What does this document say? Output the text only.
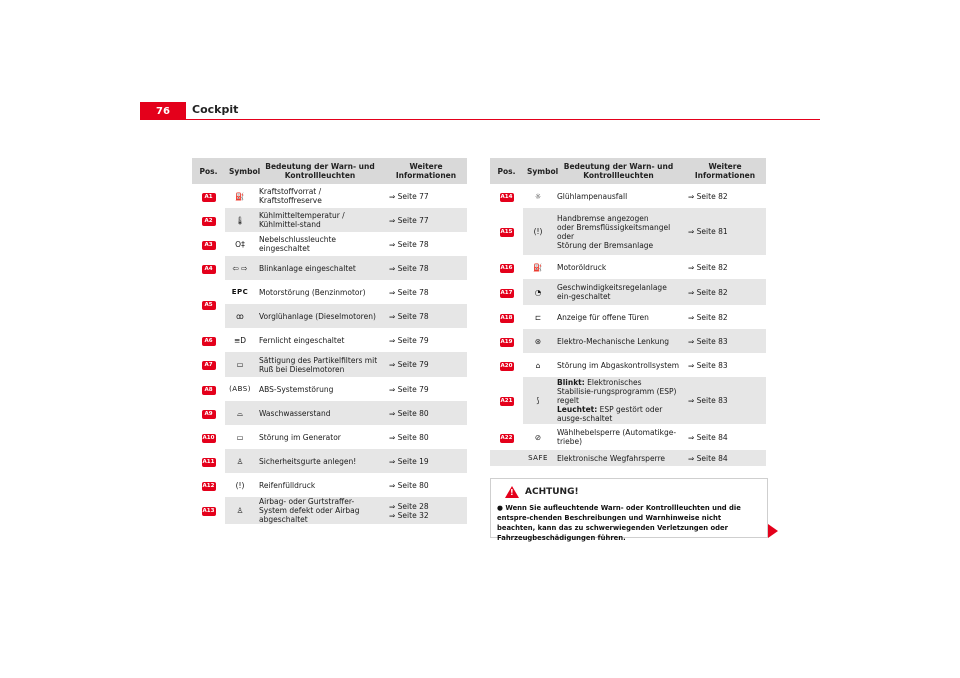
76	Cockpit
Pos.	Symbol	Bedeutung der Warn- und Kontrollleuchten	Weitere Informationen
A1	⛽	Kraftstoffvorrat / Kraftstoffreserve	⇒ Seite 77
A2	🌡	Kühlmitteltemperatur / Kühlmittel-stand	⇒ Seite 77
A3	O‡	Nebelschlussleuchte eingeschaltet	⇒ Seite 78
A4	⇦ ⇨	Blinkanlage eingeschaltet	⇒ Seite 78
A5	EPC	Motorstörung (Benzinmotor)	⇒ Seite 78
	ꝏ	Vorglühanlage (Dieselmotoren)	⇒ Seite 78
A6	≡D	Fernlicht eingeschaltet	⇒ Seite 79
A7	▭	Sättigung des Partikelfilters mit Ruß bei Dieselmotoren	⇒ Seite 79
A8	(ABS)	ABS-Systemstörung	⇒ Seite 79
A9	⌓	Waschwasserstand	⇒ Seite 80
A10	▭	Störung im Generator	⇒ Seite 80
A11	♙	Sicherheitsgurte anlegen!	⇒ Seite 19
A12	(!)	Reifenfülldruck	⇒ Seite 80
A13	♙	Airbag- oder Gurtstraffer-System defekt oder Airbag abgeschaltet	⇒ Seite 28
⇒ Seite 32
Pos.	Symbol	Bedeutung der Warn- und Kontrollleuchten	Weitere Informationen
A14	☼	Glühlampenausfall	⇒ Seite 82
A15	(!)	Handbremse angezogen
oder Bremsflüssigkeitsmangel
oder
Störung der Bremsanlage	⇒ Seite 81
A16	⛽	Motoröldruck	⇒ Seite 82
A17	◔	Geschwindigkeitsregelanlage ein-geschaltet	⇒ Seite 82
A18	⊏	Anzeige für offene Türen	⇒ Seite 82
A19	⊛	Elektro-Mechanische Lenkung	⇒ Seite 83
A20	⌂	Störung im Abgaskontrollsystem	⇒ Seite 83
A21	⟆	Blinkt: Elektronisches Stabilisie-rungsprogramm (ESP) regelt
Leuchtet: ESP gestört oder ausge-schaltet	⇒ Seite 83
A22	⊘	Wählhebelsperre (Automatikge-triebe)	⇒ Seite 84
	SAFE	Elektronische Wegfahrsperre	⇒ Seite 84
! ACHTUNG!
● Wenn Sie aufleuchtende Warn- oder Kontrollleuchten und die entspre-chenden Beschreibungen und Warnhinweise nicht beachten, kann das zu schwerwiegenden Verletzungen oder Fahrzeugbeschädigungen führen.
